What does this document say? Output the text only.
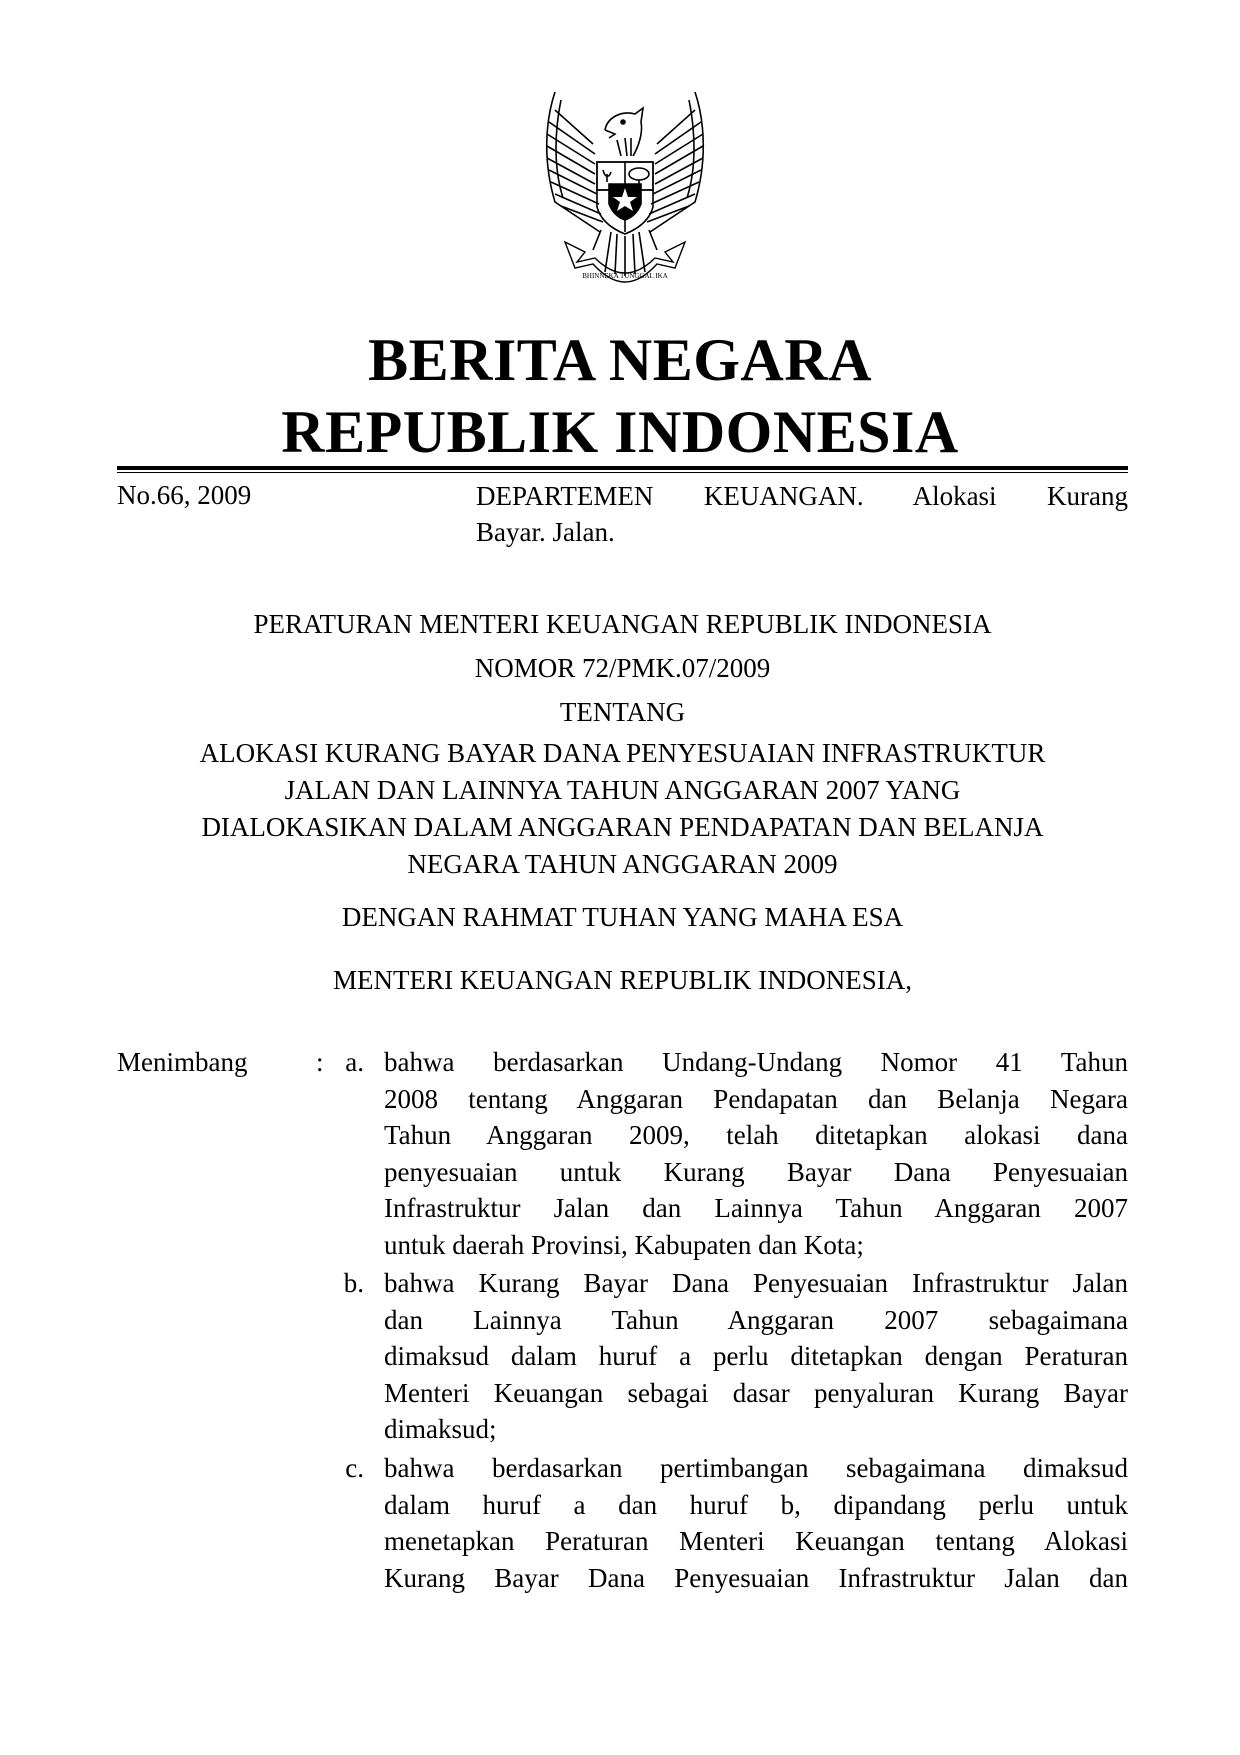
BHINNEKA TUNGGAL IKA
BERITA NEGARA
REPUBLIK INDONESIA
No.66, 2009	DEPARTEMEN KEUANGAN. Alokasi Kurang
Bayar. Jalan.
PERATURAN MENTERI KEUANGAN REPUBLIK INDONESIA
NOMOR 72/PMK.07/2009
TENTANG
ALOKASI KURANG BAYAR DANA PENYESUAIAN INFRASTRUKTUR
JALAN DAN LAINNYA TAHUN ANGGARAN 2007 YANG
DIALOKASIKAN DALAM ANGGARAN PENDAPATAN DAN BELANJA
NEGARA TAHUN ANGGARAN 2009
DENGAN RAHMAT TUHAN YANG MAHA ESA
MENTERI KEUANGAN REPUBLIK INDONESIA,
Menimbang	: a. bahwa berdasarkan Undang-Undang Nomor 41 Tahun
2008 tentang Anggaran Pendapatan dan Belanja Negara
Tahun Anggaran 2009, telah ditetapkan alokasi dana
penyesuaian untuk Kurang Bayar Dana Penyesuaian
Infrastruktur Jalan dan Lainnya Tahun Anggaran 2007
untuk daerah Provinsi, Kabupaten dan Kota;
b. bahwa Kurang Bayar Dana Penyesuaian Infrastruktur Jalan
dan Lainnya Tahun Anggaran 2007 sebagaimana
dimaksud dalam huruf a perlu ditetapkan dengan Peraturan
Menteri Keuangan sebagai dasar penyaluran Kurang Bayar
dimaksud;
c. bahwa berdasarkan pertimbangan sebagaimana dimaksud
dalam huruf a dan huruf b, dipandang perlu untuk
menetapkan Peraturan Menteri Keuangan tentang Alokasi
Kurang Bayar Dana Penyesuaian Infrastruktur Jalan dan
